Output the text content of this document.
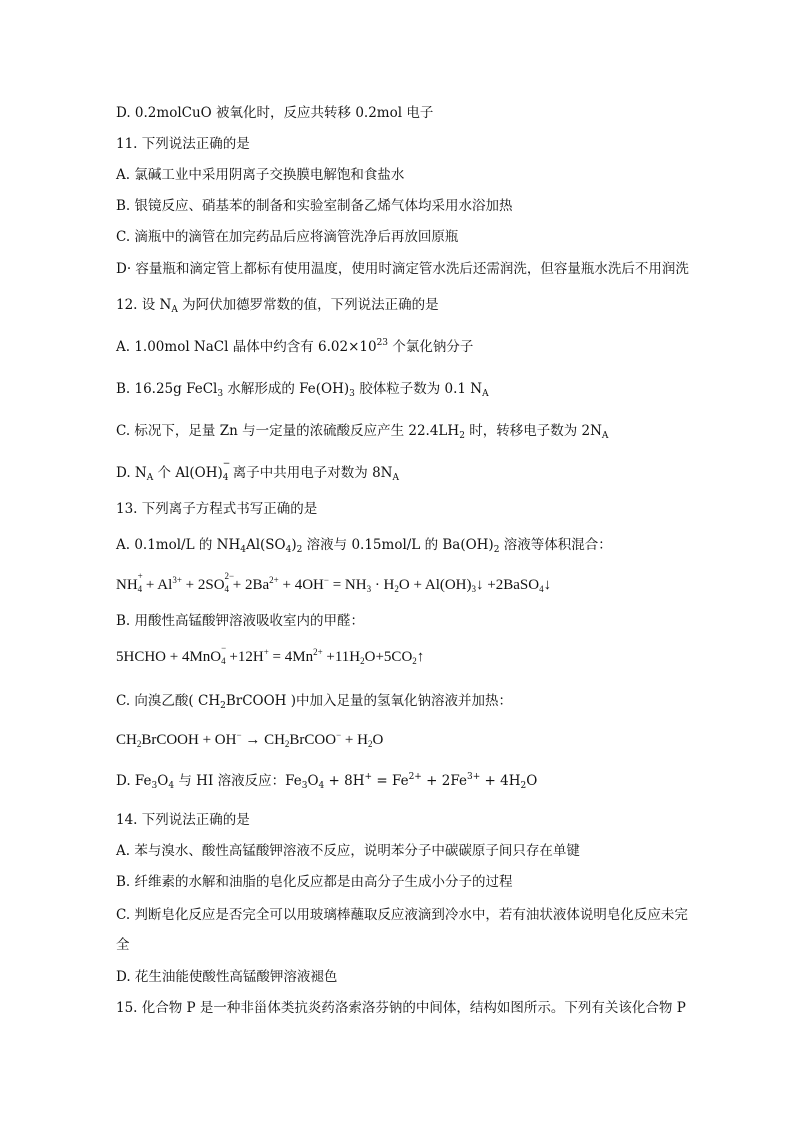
D. 0.2molCuO 被氧化时，反应共转移 0.2mol 电子
11. 下列说法正确的是
A. 氯碱工业中采用阴离子交换膜电解饱和食盐水
B. 银镜反应、硝基苯的制备和实验室制备乙烯气体均采用水浴加热
C. 滴瓶中的滴管在加完药品后应将滴管洗净后再放回原瓶
D· 容量瓶和滴定管上都标有使用温度，使用时滴定管水洗后还需润洗，但容量瓶水洗后不用润洗
12. 设 $N_A$ 为阿伏加德罗常数的值，下列说法正确的是
A. 1.00mol NaCl 晶体中约含有 $6.02\times 10^{23}$ 个氯化钠分子
B. 16.25g FeCl$_3$ 水解形成的 $Fe(OH)_3$ 胶体粒子数为 0.1 $N_A$
C. 标况下，足量 Zn 与一定量的浓硫酸反应产生 $22.4LH_2$ 时，转移电子数为 $2N_A$
D. $N_A$ 个 $Al(OH)_4$
−
离子中共用电子对数为 $8N_A$
13. 下列离子方程式书写正确的是
A. 0.1mol/L 的 $NH_4Al(SO_4)_2$ 溶液与 0.15mol/L 的 $Ba(OH)_2$ 溶液等体积混合：
$NH_4$
+
+ $Al^{3+} + 2SO_4$
2−
+ $2Ba^{2+} + 4OH^- = NH_3 \cdot H_2O$ + $Al(OH)_3↓$ +2BaSO$_4$↓
B. 用酸性高锰酸钾溶液吸收室内的甲醛：
5HCHO + 4MnO$_4$
−
$+12H^+ = 4Mn^{2+}$ $+11H_2O+5CO_2↑$
C. 向溴乙酸( $CH_2BrCOOH$ )中加入足量的氢氧化钠溶液并加热：
$CH_2BrCOOH + OH^-$ → $CH_2BrCOO^- + H_2O$
D. $Fe_3O_4$ 与 HI 溶液反应：$Fe_3O_4 + 8H^+ = Fe^{2+} + 2Fe^{3+} + 4H_2O$
14. 下列说法正确的是
A. 苯与溴水、酸性高锰酸钾溶液不反应，说明苯分子中碳碳原子间只存在单键
B. 纤维素的水解和油脂的皂化反应都是由高分子生成小分子的过程
C. 判断皂化反应是否完全可以用玻璃棒蘸取反应液滴到冷水中，若有油状液体说明皂化反应未完
全
D. 花生油能使酸性高锰酸钾溶液褪色
15. 化合物 P 是一种非甾体类抗炎药洛索洛芬钠的中间体，结构如图所示。下列有关该化合物 P
